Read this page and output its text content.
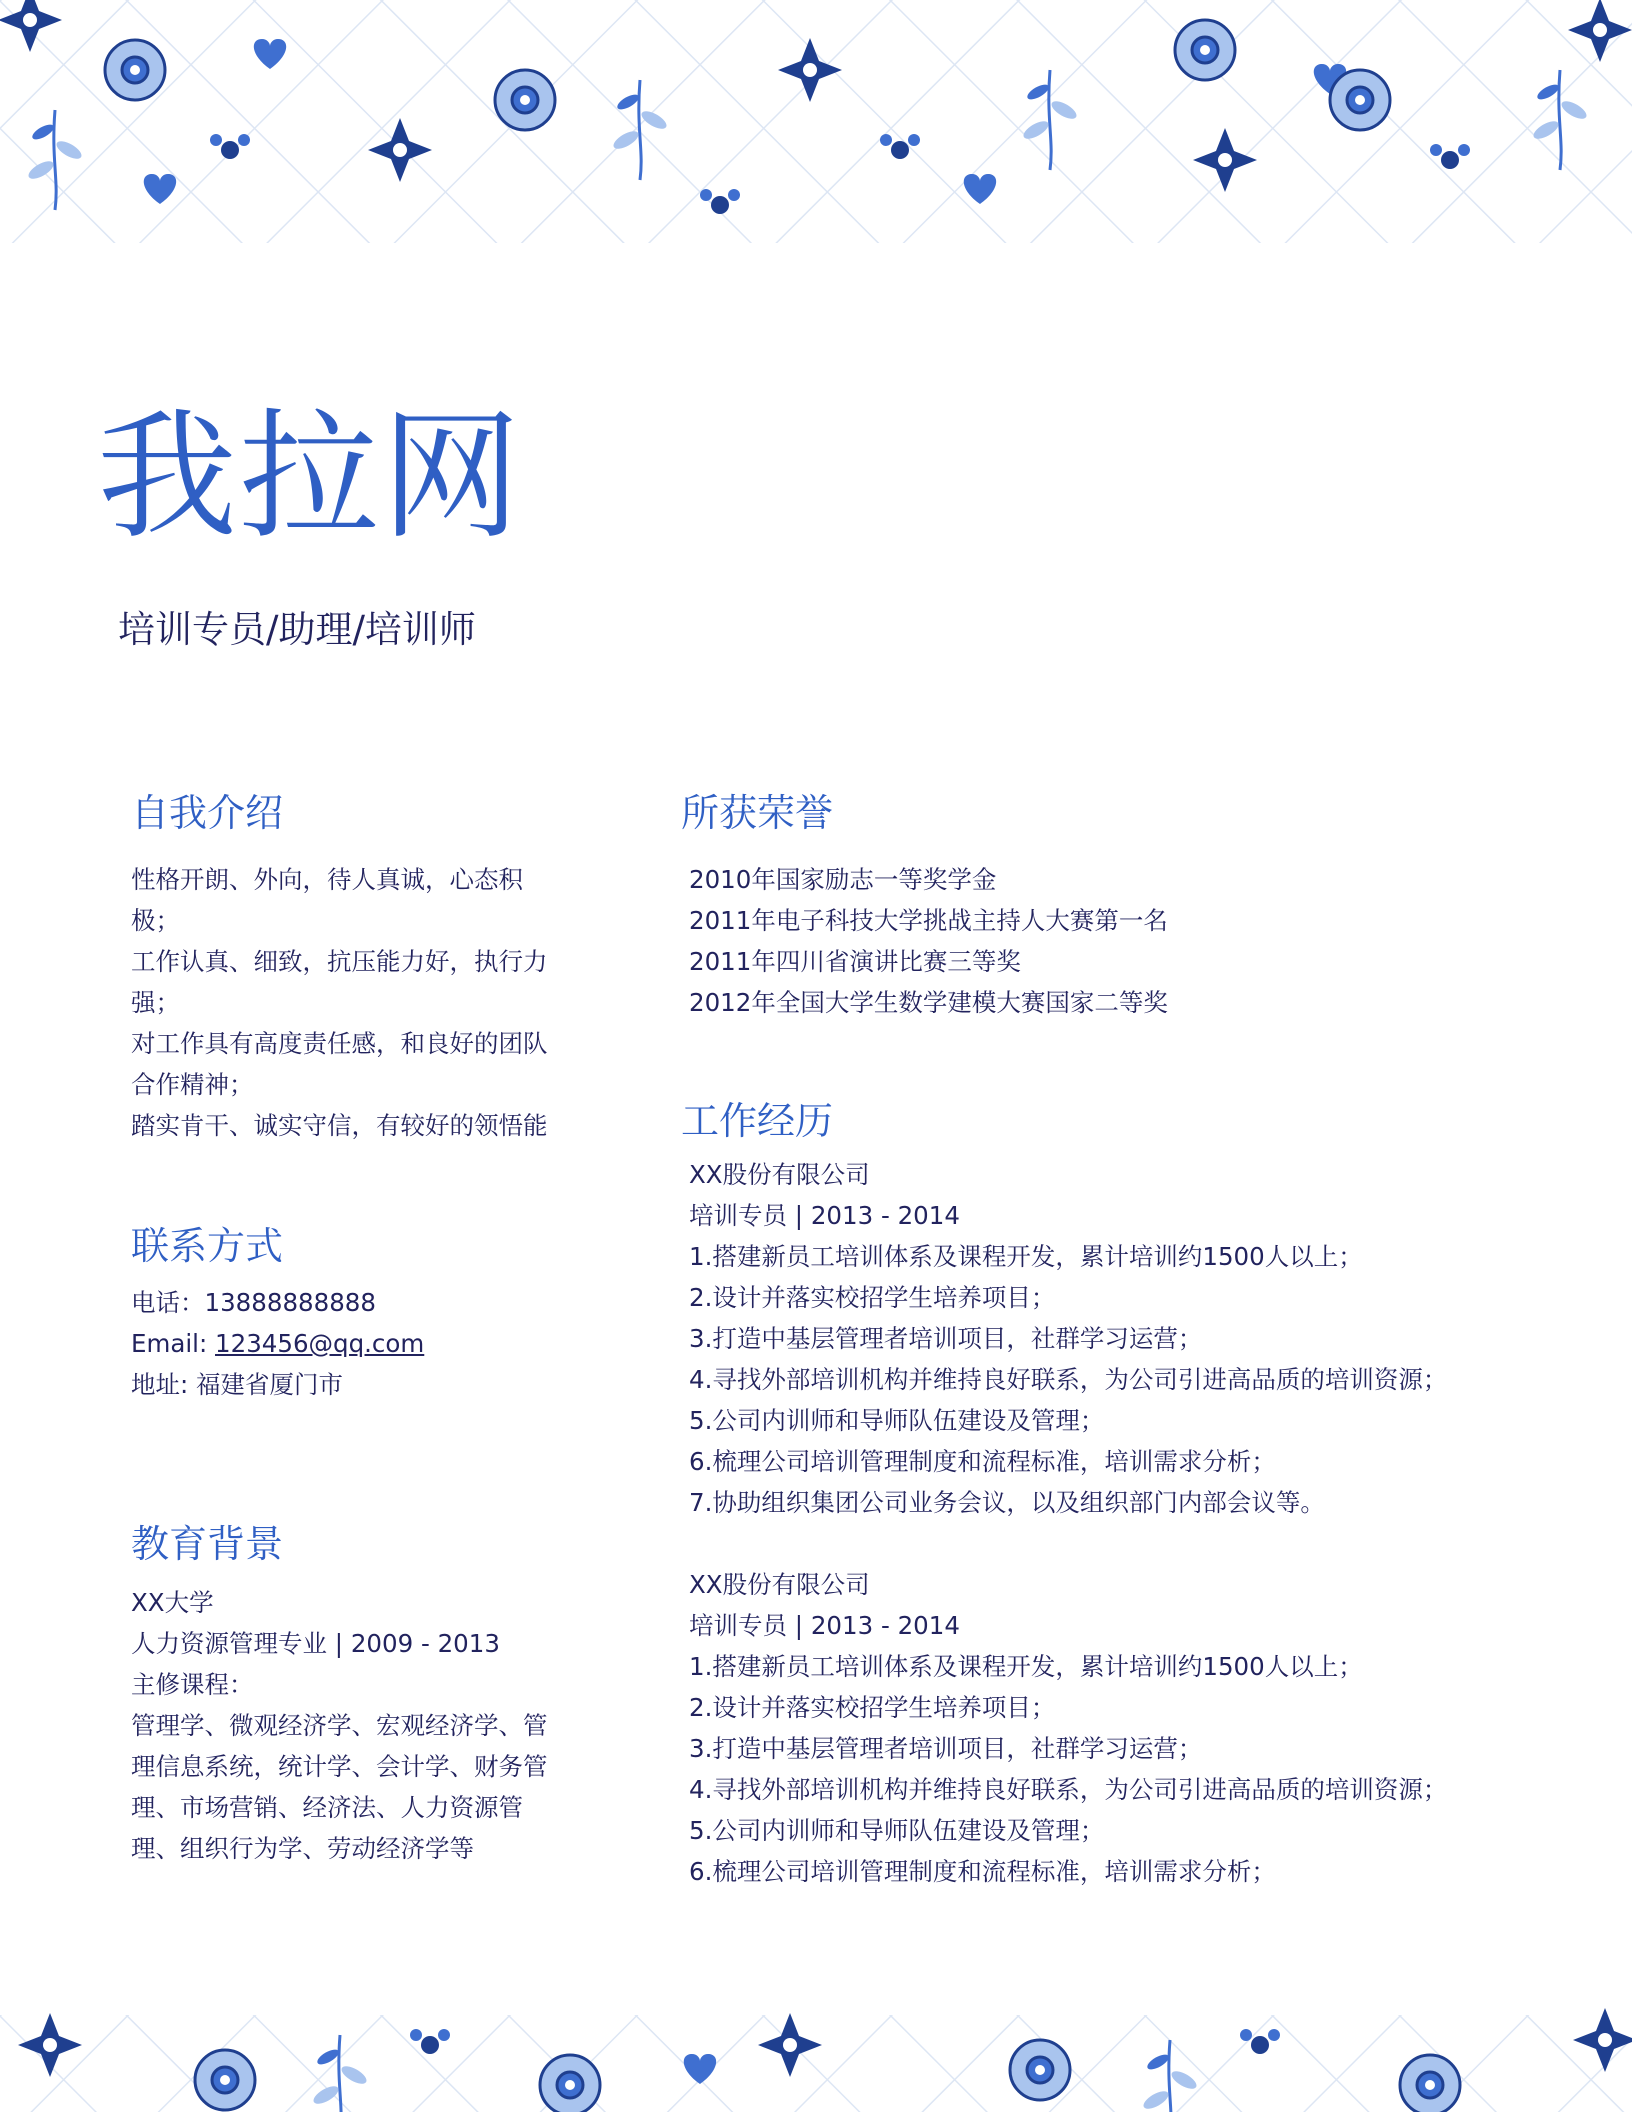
我拉网
培训专员/助理/培训师
自我介绍
性格开朗、外向，待人真诚，心态积
极；
工作认真、细致，抗压能力好，执行力
强；
对工作具有高度责任感，和良好的团队
合作精神；
踏实肯干、诚实守信，有较好的领悟能
联系方式
电话：13888888888
Email: 123456@qq.com
地址: 福建省厦门市
教育背景
XX大学
人力资源管理专业 | 2009 - 2013
主修课程：
管理学、微观经济学、宏观经济学、管
理信息系统，统计学、会计学、财务管
理、市场营销、经济法、人力资源管
理、组织行为学、劳动经济学等
所获荣誉
2010年国家励志一等奖学金
2011年电子科技大学挑战主持人大赛第一名
2011年四川省演讲比赛三等奖
2012年全国大学生数学建模大赛国家二等奖
工作经历
XX股份有限公司
培训专员 | 2013 - 2014
1.搭建新员工培训体系及课程开发，累计培训约1500人以上；
2.设计并落实校招学生培养项目；
3.打造中基层管理者培训项目，社群学习运营；
4.寻找外部培训机构并维持良好联系，为公司引进高品质的培训资源；
5.公司内训师和导师队伍建设及管理；
6.梳理公司培训管理制度和流程标准，培训需求分析；
7.协助组织集团公司业务会议，以及组织部门内部会议等。
XX股份有限公司
培训专员 | 2013 - 2014
1.搭建新员工培训体系及课程开发，累计培训约1500人以上；
2.设计并落实校招学生培养项目；
3.打造中基层管理者培训项目，社群学习运营；
4.寻找外部培训机构并维持良好联系，为公司引进高品质的培训资源；
5.公司内训师和导师队伍建设及管理；
6.梳理公司培训管理制度和流程标准，培训需求分析；
